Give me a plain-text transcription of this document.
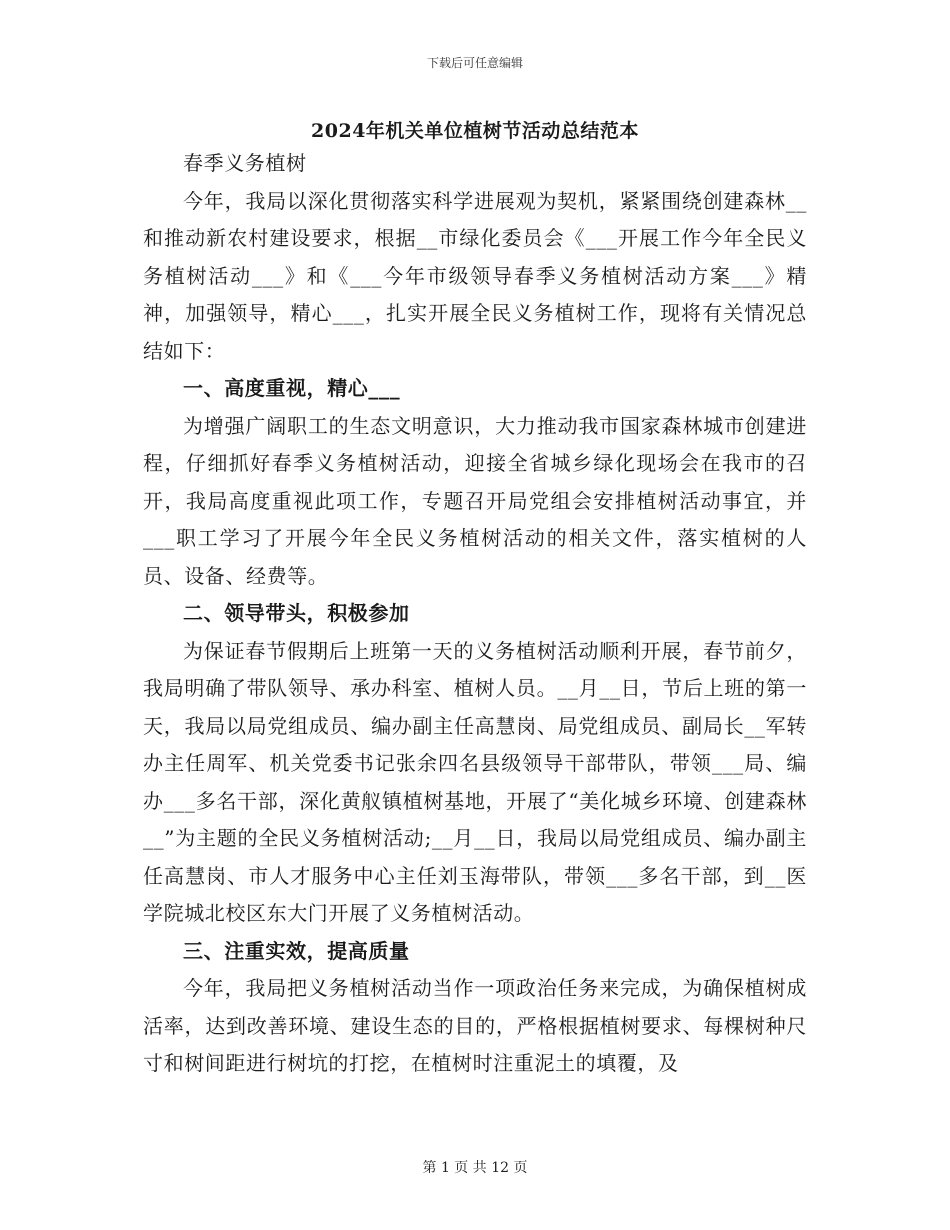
下载后可任意编辑
2024年机关单位植树节活动总结范本

春季义务植树

今年，我局以深化贯彻落实科学进展观为契机，紧紧围绕创建森林__和推动新农村建设要求，根据__市绿化委员会《___开展工作今年全民义务植树活动___》和《___今年市级领导春季义务植树活动方案___》精神，加强领导，精心___，扎实开展全民义务植树工作，现将有关情况总结如下：

一、高度重视，精心___

为增强广阔职工的生态文明意识，大力推动我市国家森林城市创建进程，仔细抓好春季义务植树活动，迎接全省城乡绿化现场会在我市的召开，我局高度重视此项工作，专题召开局党组会安排植树活动事宜，并___职工学习了开展今年全民义务植树活动的相关文件，落实植树的人员、设备、经费等。

二、领导带头，积极参加

为保证春节假期后上班第一天的义务植树活动顺利开展，春节前夕，我局明确了带队领导、承办科室、植树人员。__月__日，节后上班的第一天，我局以局党组成员、编办副主任高慧岗、局党组成员、副局长__军转办主任周军、机关党委书记张余四名县级领导干部带队，带领___局、编办___多名干部，深化黄舣镇植树基地，开展了“美化城乡环境、创建森林__”为主题的全民义务植树活动;__月__日，我局以局党组成员、编办副主任高慧岗、市人才服务中心主任刘玉海带队，带领___多名干部，到__医学院城北校区东大门开展了义务植树活动。

三、注重实效，提高质量

今年，我局把义务植树活动当作一项政治任务来完成，为确保植树成活率，达到改善环境、建设生态的目的，严格根据植树要求、每棵树种尺寸和树间距进行树坑的打挖，在植树时注重泥土的填覆，及

第 1 页 共 12 页
